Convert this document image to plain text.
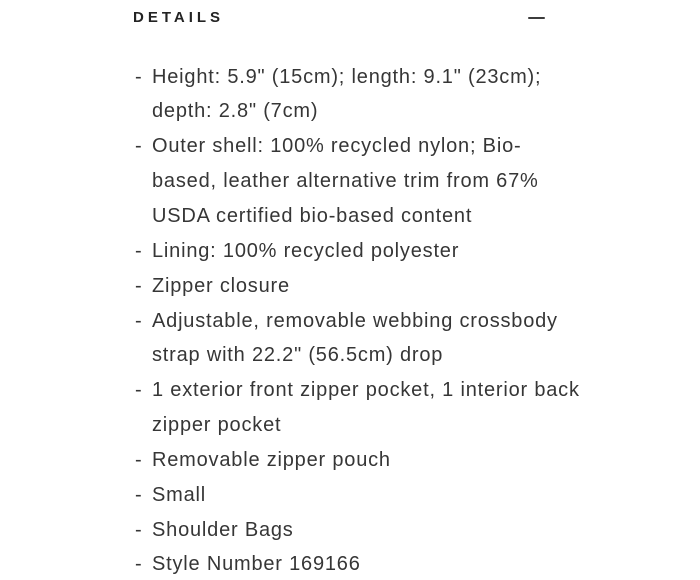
DETAILS
- Height: 5.9" (15cm); length: 9.1" (23cm);
depth: 2.8" (7cm)
- Outer shell: 100% recycled nylon; Bio-
based, leather alternative trim from 67%
USDA certified bio-based content
- Lining: 100% recycled polyester
- Zipper closure
- Adjustable, removable webbing crossbody
strap with 22.2" (56.5cm) drop
- 1 exterior front zipper pocket, 1 interior back
zipper pocket
- Removable zipper pouch
- Small
- Shoulder Bags
- Style Number 169166
